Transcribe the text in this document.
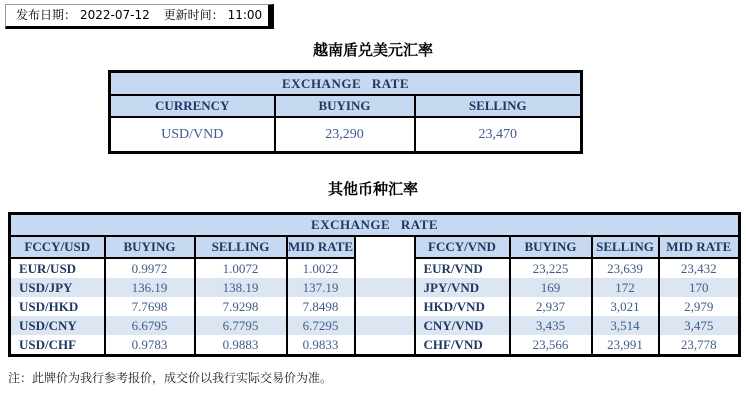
发布日期： 2022-07-12 更新时间： 11:00
越南盾兑美元汇率
EXCHANGE RATE		
CURRENCY	BUYING	SELLING
USD/VND	23,290	23,470
其他币种汇率
EXCHANGE RATE								
FCCY/USD	BUYING	SELLING	MID RATE		FCCY/VND	BUYING	SELLING	MID RATE
EUR/USD	0.9972	1.0072	1.0022		EUR/VND	23,225	23,639	23,432
USD/JPY	136.19	138.19	137.19		JPY/VND	169	172	170
USD/HKD	7.7698	7.9298	7.8498		HKD/VND	2,937	3,021	2,979
USD/CNY	6.6795	6.7795	6.7295		CNY/VND	3,435	3,514	3,475
USD/CHF	0.9783	0.9883	0.9833		CHF/VND	23,566	23,991	23,778
注：此牌价为我行参考报价，成交价以我行实际交易价为准。
